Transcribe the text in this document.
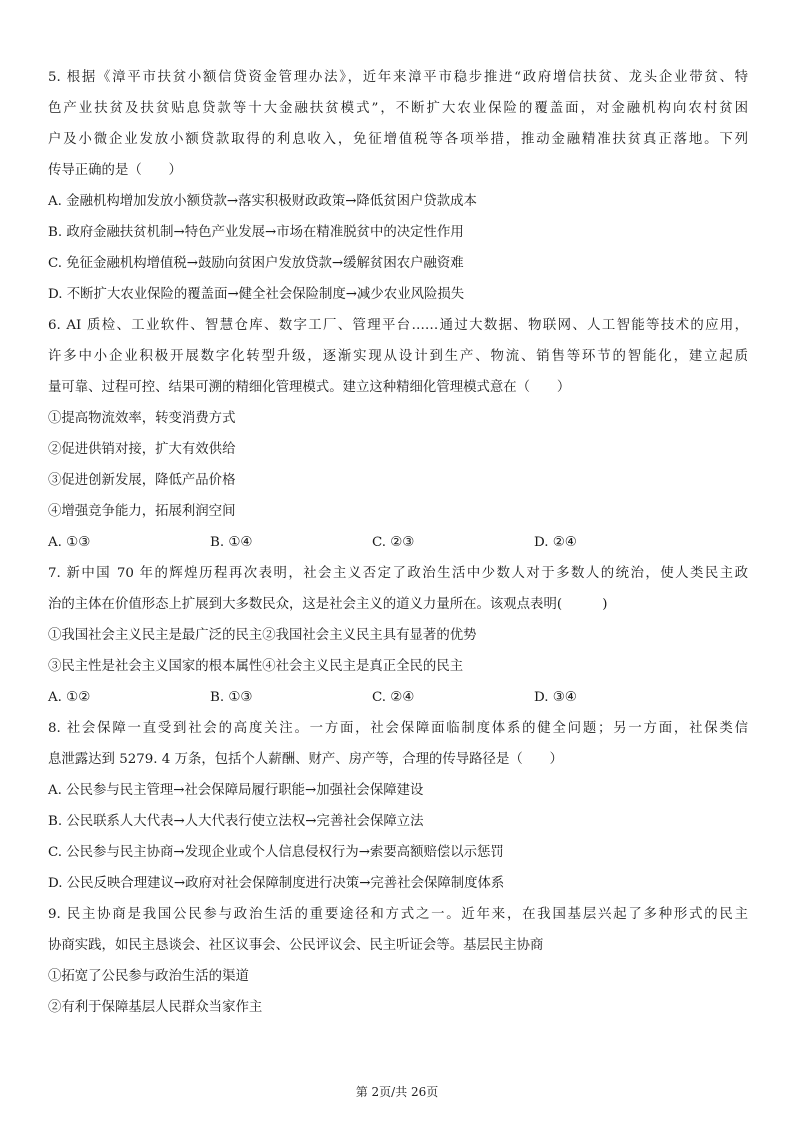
5. 根据《漳平市扶贫小额信贷资金管理办法》，近年来漳平市稳步推进“政府增信扶贫、龙头企业带贫、特
色产业扶贫及扶贫贴息贷款等十大金融扶贫模式”，不断扩大农业保险的覆盖面，对金融机构向农村贫困
户及小微企业发放小额贷款取得的利息收入，免征增值税等各项举措，推动金融精准扶贫真正落地。下列
传导正确的是（　　）
A. 金融机构增加发放小额贷款→落实积极财政政策→降低贫困户贷款成本
B. 政府金融扶贫机制→特色产业发展→市场在精准脱贫中的决定性作用
C. 免征金融机构增值税→鼓励向贫困户发放贷款→缓解贫困农户融资难
D. 不断扩大农业保险的覆盖面→健全社会保险制度→减少农业风险损失
6. AI 质检、工业软件、智慧仓库、数字工厂、管理平台……通过大数据、物联网、人工智能等技术的应用，
许多中小企业积极开展数字化转型升级，逐渐实现从设计到生产、物流、销售等环节的智能化，建立起质
量可靠、过程可控、结果可溯的精细化管理模式。建立这种精细化管理模式意在（　　）
①提高物流效率，转变消费方式
②促进供销对接，扩大有效供给
③促进创新发展，降低产品价格
④增强竞争能力，拓展利润空间
A. ①③	B. ①④	C. ②③	D. ②④
7. 新中国 70 年的辉煌历程再次表明，社会主义否定了政治生活中少数人对于多数人的统治，使人类民主政
治的主体在价值形态上扩展到大多数民众，这是社会主义的道义力量所在。该观点表明(　　　)
①我国社会主义民主是最广泛的民主②我国社会主义民主具有显著的优势
③民主性是社会主义国家的根本属性④社会主义民主是真正全民的民主
A. ①②	B. ①③	C. ②④	D. ③④
8. 社会保障一直受到社会的高度关注。一方面，社会保障面临制度体系的健全问题；另一方面，社保类信
息泄露达到 5279. 4 万条，包括个人薪酬、财产、房产等，合理的传导路径是（　　）
A. 公民参与民主管理→社会保障局履行职能→加强社会保障建设
B. 公民联系人大代表→人大代表行使立法权→完善社会保障立法
C. 公民参与民主协商→发现企业或个人信息侵权行为→索要高额赔偿以示惩罚
D. 公民反映合理建议→政府对社会保障制度进行决策→完善社会保障制度体系
9. 民主协商是我国公民参与政治生活的重要途径和方式之一。近年来，在我国基层兴起了多种形式的民主
协商实践，如民主恳谈会、社区议事会、公民评议会、民主听证会等。基层民主协商
①拓宽了公民参与政治生活的渠道
②有利于保障基层人民群众当家作主
第 2页/共 26页
